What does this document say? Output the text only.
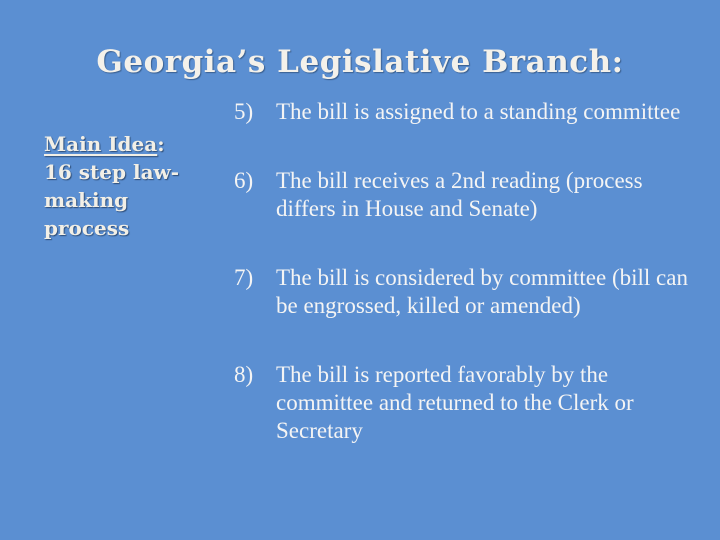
Georgia’s Legislative Branch:
Main Idea:
16 step law-making process
5) The bill is assigned to a standing committee
6) The bill receives a 2nd reading (process differs in House and Senate)
7) The bill is considered by committee (bill can be engrossed, killed or amended)
8) The bill is reported favorably by the committee and returned to the Clerk or Secretary
